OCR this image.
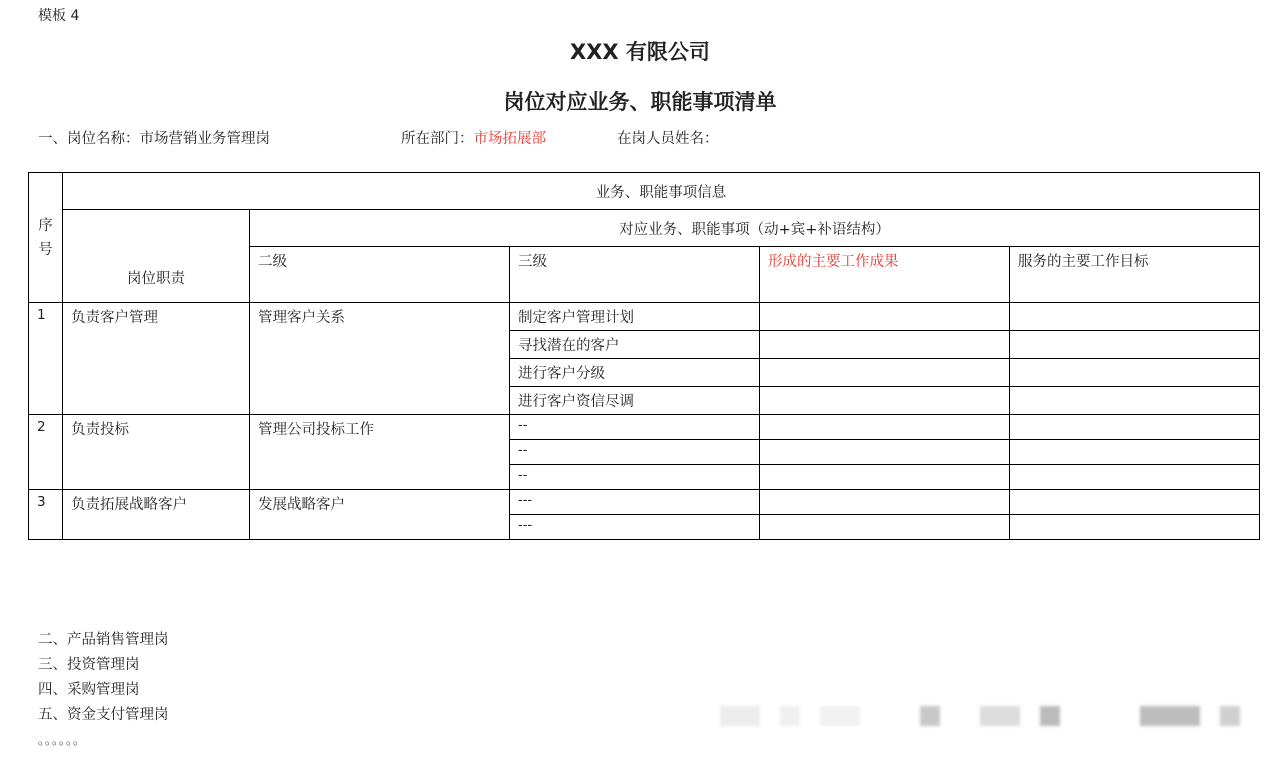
模板 4
XXX 有限公司
岗位对应业务、职能事项清单
一、岗位名称：市场营销业务管理岗	所在部门：市场拓展部	在岗人员姓名：
序
号	业务、职能事项信息				
	岗位职责	对应业务、职能事项（动+宾+补语结构）			
		二级	三级	形成的主要工作成果	服务的主要工作目标
1	负责客户管理	管理客户关系	制定客户管理计划		
			寻找潜在的客户		
			进行客户分级		
			进行客户资信尽调		
2	负责投标	管理公司投标工作	--		
			--		
			--		
3	负责拓展战略客户	发展战略客户	---		
			---		
二、产品销售管理岗
三、投资管理岗
四、采购管理岗
五、资金支付管理岗
。。。。。。
